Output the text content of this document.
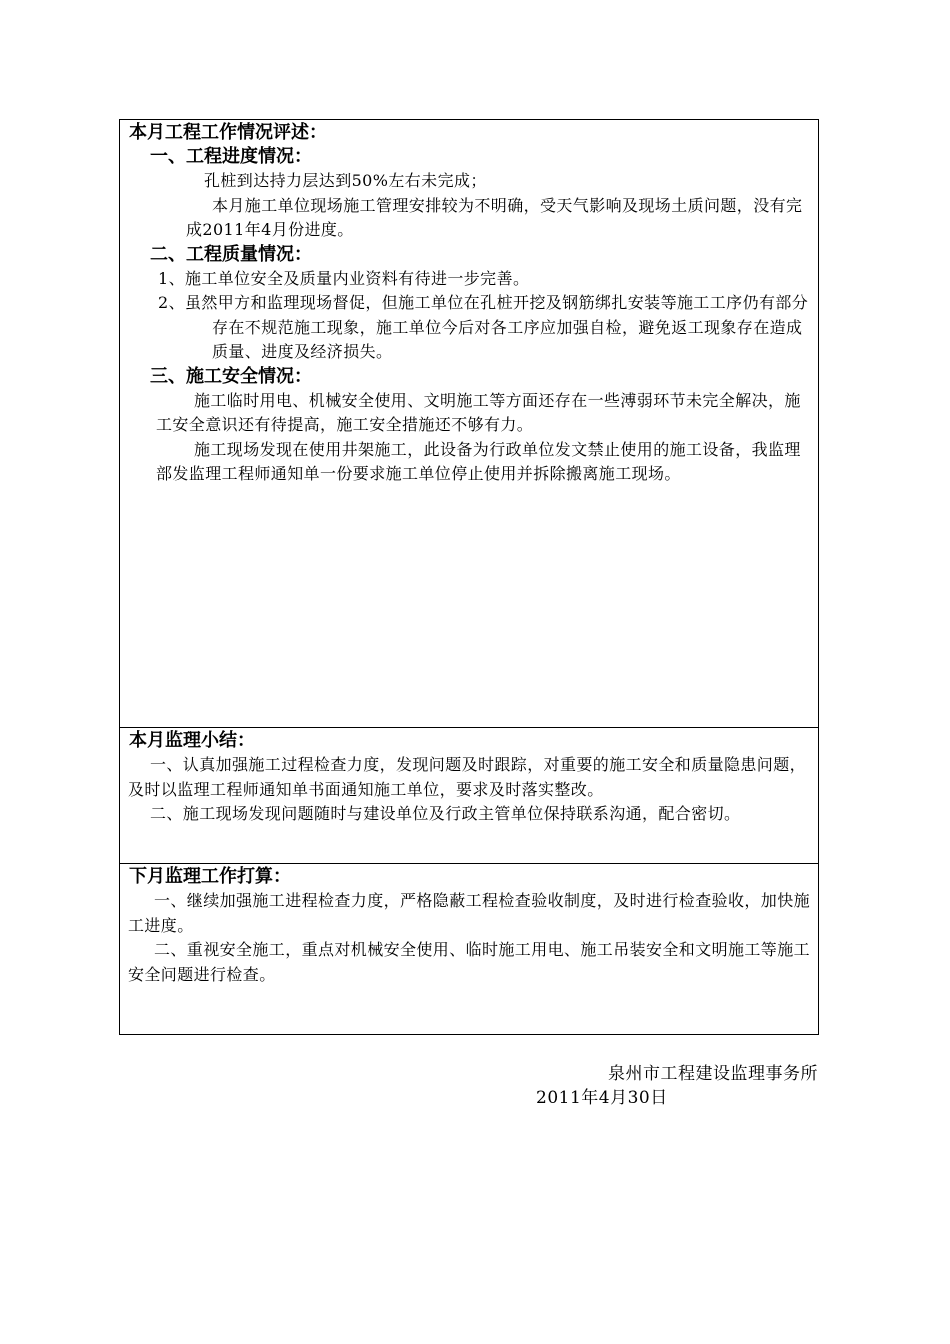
本月工程工作情况评述：
一、工程进度情况：

孔桩到达持力层达到50%左右未完成；

本月施工单位现场施工管理安排较为不明确，受天气影响及现场土质问题，没有完成2011年4月份进度。

二、工程质量情况：

1、施工单位安全及质量内业资料有待进一步完善。

2、虽然甲方和监理现场督促，但施工单位在孔桩开挖及钢筋绑扎安装等施工工序仍有部分存在不规范施工现象，施工单位今后对各工序应加强自检，避免返工现象存在造成质量、进度及经济损失。

三、施工安全情况：

施工临时用电、机械安全使用、文明施工等方面还存在一些溥弱环节未完全解决，施工安全意识还有待提高，施工安全措施还不够有力。

施工现场发现在使用井架施工，此设备为行政单位发文禁止使用的施工设备，我监理部发监理工程师通知单一份要求施工单位停止使用并拆除搬离施工现场。

本月监理小结：

一、认真加强施工过程检查力度，发现问题及时跟踪，对重要的施工安全和质量隐患问题，及时以监理工程师通知单书面通知施工单位，要求及时落实整改。

二、施工现场发现问题随时与建设单位及行政主管单位保持联系沟通，配合密切。

下月监理工作打算：

一、继续加强施工进程检查力度，严格隐蔽工程检查验收制度，及时进行检查验收，加快施工进度。

二、重视安全施工，重点对机械安全使用、临时施工用电、施工吊装安全和文明施工等施工安全问题进行检查。

泉州市工程建设监理事务所
2011年4月30日
